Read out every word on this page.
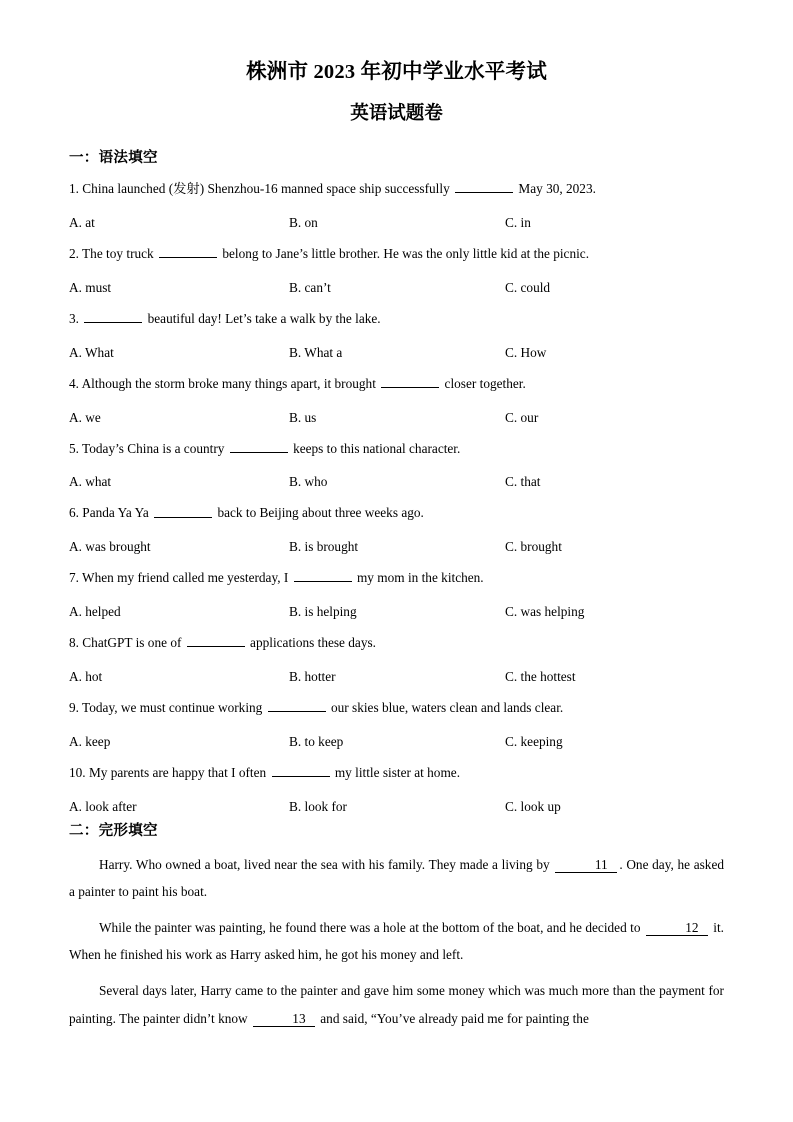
株洲市 2023 年初中学业水平考试
英语试题卷
一：语法填空
1. China launched (发射) Shenzhou-16 manned space ship successfully	May 30, 2023.
A. at	B. on	C. in
2. The toy truck	belong to Jane’s little brother. He was the only little kid at the picnic.
A. must	B. can’t	C. could
3.	beautiful day! Let’s take a walk by the lake.
A. What	B. What a	C. How
4. Although the storm broke many things apart, it brought	closer together.
A. we	B. us	C. our
5. Today’s China is a country	keeps to this national character.
A. what	B. who	C. that
6. Panda Ya Ya	back to Beijing about three weeks ago.
A. was brought	B. is brought	C. brought
7. When my friend called me yesterday, I	my mom in the kitchen.
A. helped	B. is helping	C. was helping
8. ChatGPT is one of	applications these days.
A. hot	B. hotter	C. the hottest
9. Today, we must continue working	our skies blue, waters clean and lands clear.
A. keep	B. to keep	C. keeping
10. My parents are happy that I often	my little sister at home.
A. look after	B. look for	C. look up
二：完形填空

Harry. Who owned a boat, lived near the sea with his family. They made a living by	11 . One day, he asked a painter to paint his boat.

While the painter was painting, he found there was a hole at the bottom of the boat, and he decided to	12 it. When he finished his work as Harry asked him, he got his money and left.

Several days later, Harry came to the painter and gave him some money which was much more than the payment for painting. The painter didn’t know	13 and said, “You’ve already paid me for painting the
